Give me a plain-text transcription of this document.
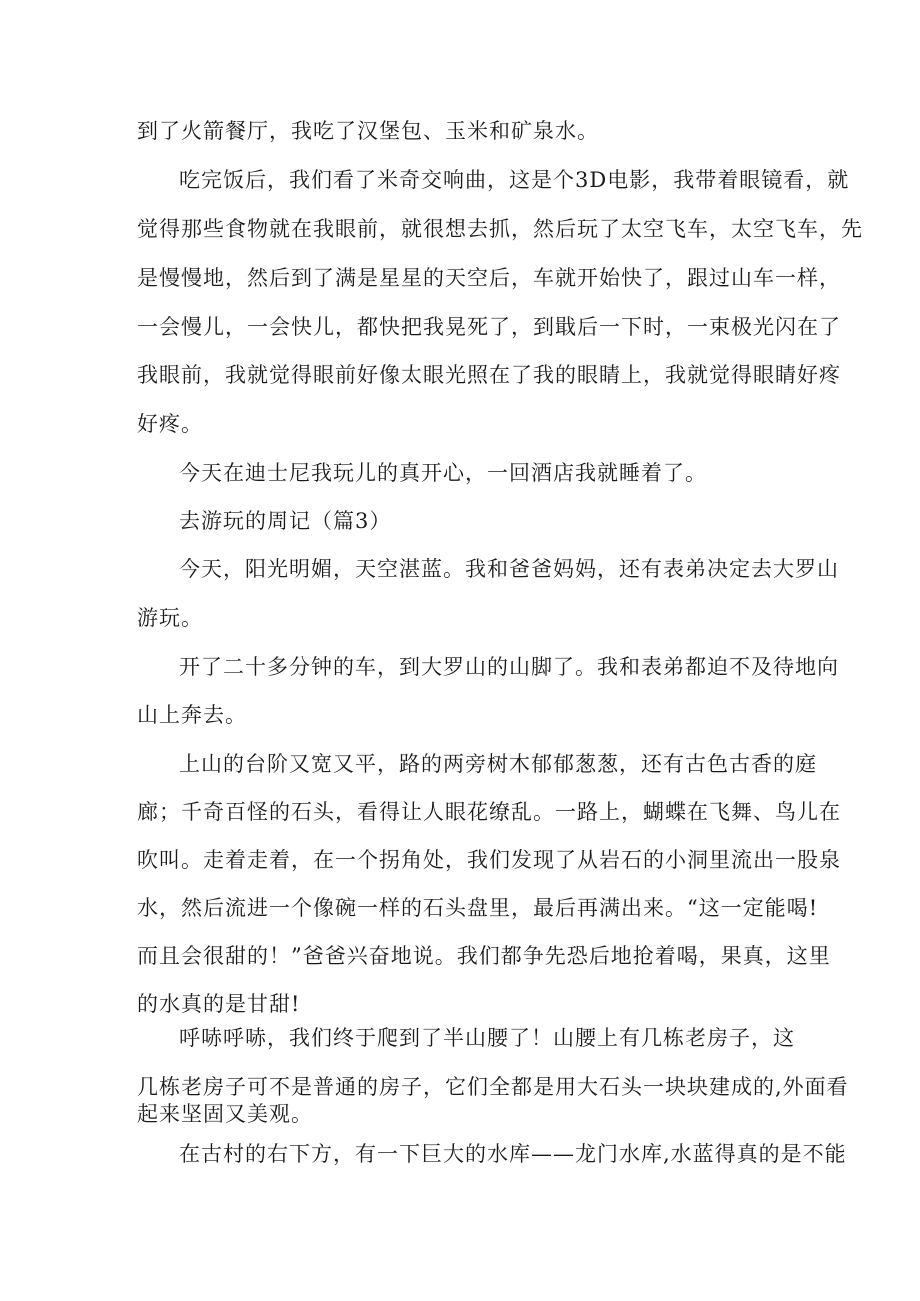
到了火箭餐厅，我吃了汉堡包、玉米和矿泉水。

吃完饭后，我们看了米奇交响曲，这是个3D电影，我带着眼镜看，就

觉得那些食物就在我眼前，就很想去抓，然后玩了太空飞车，太空飞车，先

是慢慢地，然后到了满是星星的天空后，车就开始快了，跟过山车一样，

一会慢儿，一会快儿，都快把我晃死了，到戢后一下时，一束极光闪在了

我眼前，我就觉得眼前好像太眼光照在了我的眼睛上，我就觉得眼睛好疼

好疼。

今天在迪士尼我玩儿的真开心，一回酒店我就睡着了。

去游玩的周记（篇3）

今天，阳光明媚，天空湛蓝。我和爸爸妈妈，还有表弟决定去大罗山

游玩。

开了二十多分钟的车，到大罗山的山脚了。我和表弟都迫不及待地向

山上奔去。

上山的台阶又宽又平，路的两旁树木郁郁葱葱，还有古色古香的庭

廊；千奇百怪的石头，看得让人眼花缭乱。一路上，蝴蝶在飞舞、鸟儿在

吹叫。走着走着，在一个拐角处，我们发现了从岩石的小洞里流出一股泉

水，然后流进一个像碗一样的石头盘里，最后再满出来。“这一定能喝!

而且会很甜的！”爸爸兴奋地说。我们都争先恐后地抢着喝，果真，这里

的水真的是甘甜!

呼哧呼哧，我们终于爬到了半山腰了！山腰上有几栋老房子，这

几栋老房子可不是普通的房子，它们全都是用大石头一块块建成的,外面看

起来坚固又美观。

在古村的右下方，有一下巨大的水库——龙门水库,水蓝得真的是不能
